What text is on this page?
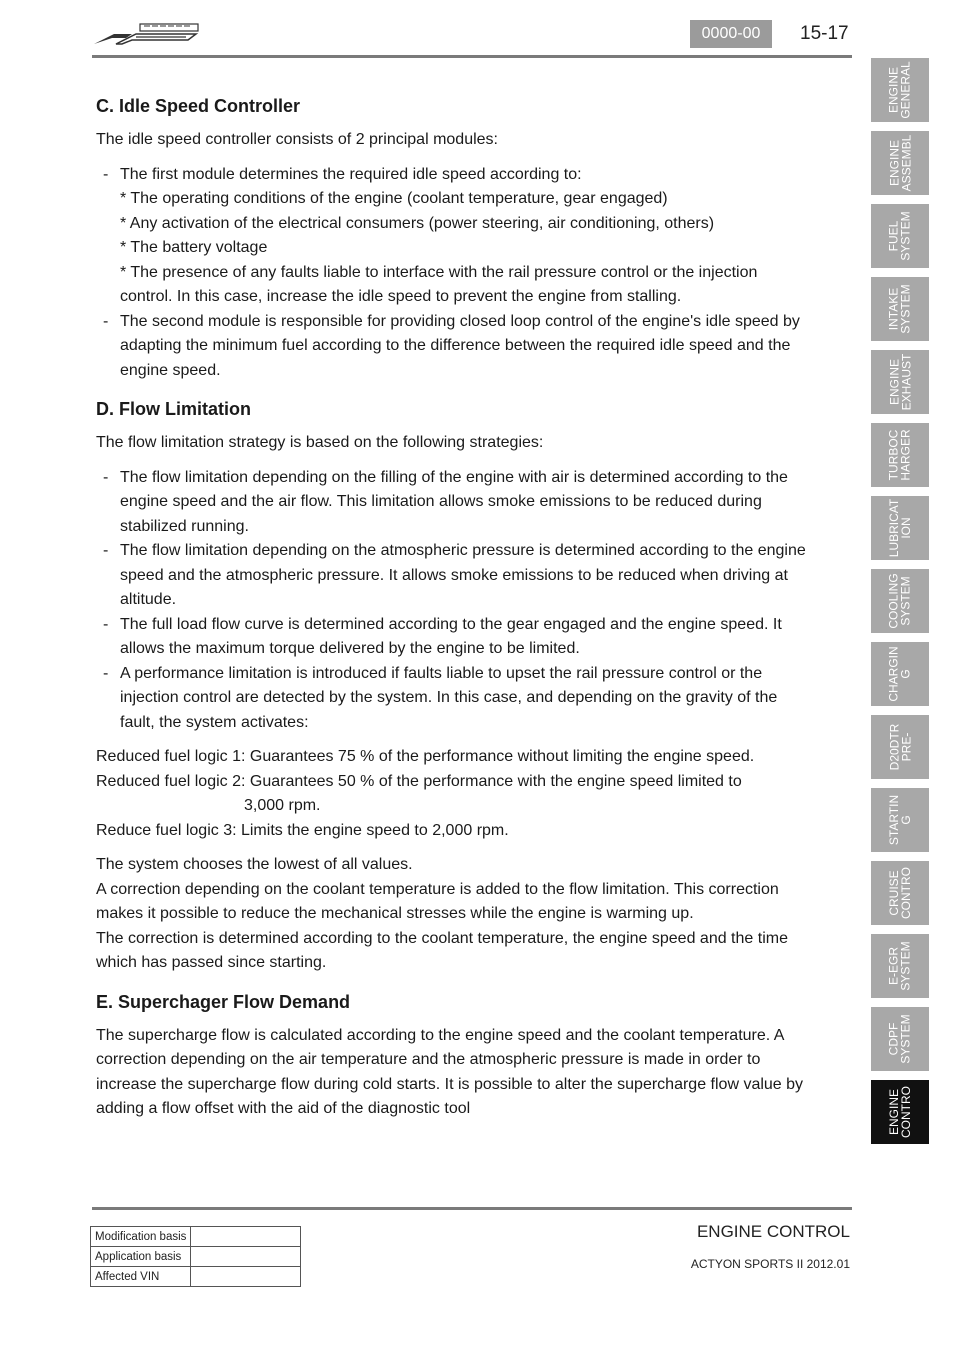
0000-00	15-17
C. Idle Speed Controller

The idle speed controller consists of 2 principal modules:

- The first module determines the required idle speed according to:
* The operating conditions of the engine (coolant temperature, gear engaged)
* Any activation of the electrical consumers (power steering, air conditioning, others)
* The battery voltage
* The presence of any faults liable to interface with the rail pressure control or the injection control. In this case, increase the idle speed to prevent the engine from stalling.
- The second module is responsible for providing closed loop control of the engine's idle speed by adapting the minimum fuel according to the difference between the required idle speed and the engine speed.
D. Flow Limitation

The flow limitation strategy is based on the following strategies:

- The flow limitation depending on the filling of the engine with air is determined according to the engine speed and the air flow. This limitation allows smoke emissions to be reduced during stabilized running.
- The flow limitation depending on the atmospheric pressure is determined according to the engine speed and the atmospheric pressure. It allows smoke emissions to be reduced when driving at altitude.
- The full load flow curve is determined according to the gear engaged and the engine speed. It allows the maximum torque delivered by the engine to be limited.
- A performance limitation is introduced if faults liable to upset the rail pressure control or the injection control are detected by the system. In this case, and depending on the gravity of the fault, the system activates:

Reduced fuel logic 1: Guarantees 75 % of the performance without limiting the engine speed.
Reduced fuel logic 2: Guarantees 50 % of the performance with the engine speed limited to
3,000 rpm.
Reduce fuel logic 3: Limits the engine speed to 2,000 rpm.

The system chooses the lowest of all values.
A correction depending on the coolant temperature is added to the flow limitation. This correction makes it possible to reduce the mechanical stresses while the engine is warming up.
The correction is determined according to the coolant temperature, the engine speed and the time which has passed since starting.

E. Superchager Flow Demand

The supercharge flow is calculated according to the engine speed and the coolant temperature. A correction depending on the air temperature and the atmospheric pressure is made in order to increase the supercharge flow during cold starts. It is possible to alter the supercharge flow value by adding a flow offset with the aid of the diagnostic tool

ENGINE
GENERAL
ENGINE
ASSEMBL
FUEL
SYSTEM
INTAKE
SYSTEM
ENGINE
EXHAUST
TURBOC
HARGER
LUBRICAT
ION
COOLING
SYSTEM
CHARGIN
G
D20DTR
PRE-
STARTIN
G
CRUISE
CONTRO
E-EGR
SYSTEM
CDPF
SYSTEM
ENGINE
CONTRO
Modification basis	
Application basis	
Affected VIN	
ENGINE CONTROL
ACTYON SPORTS II 2012.01
